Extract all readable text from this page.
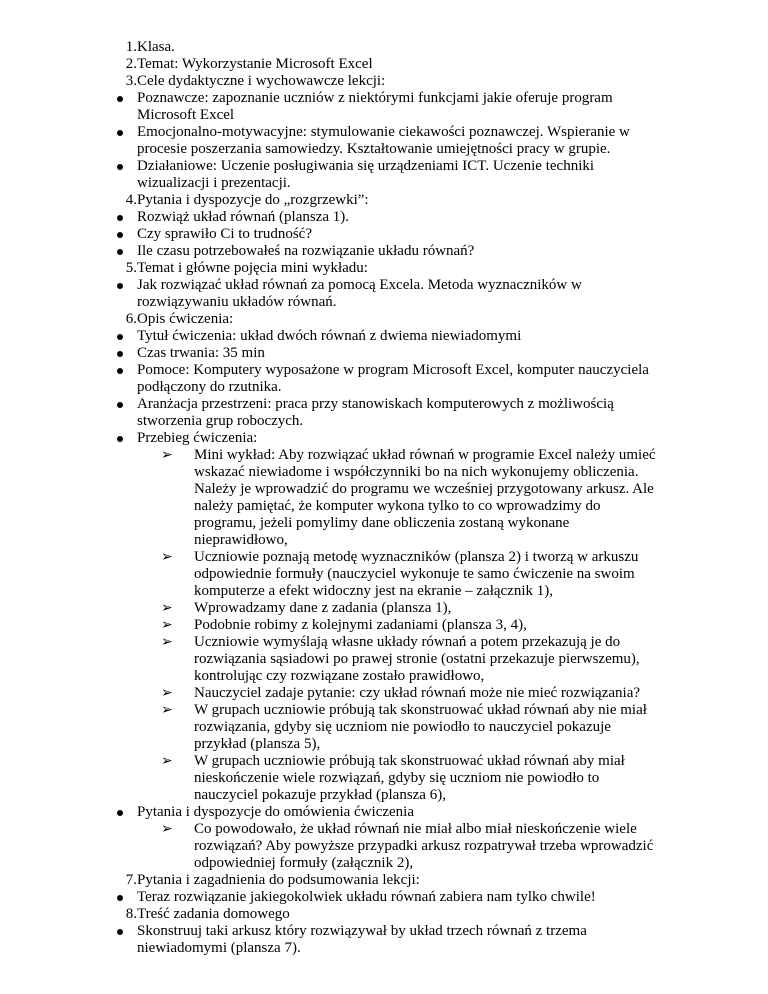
1. Klasa.
2. Temat: Wykorzystanie Microsoft Excel
3. Cele dydaktyczne i wychowawcze lekcji:
Poznawcze: zapoznanie uczniów z niektórymi funkcjami jakie oferuje program
Microsoft Excel
Emocjonalno-motywacyjne: stymulowanie ciekawości poznawczej. Wspieranie w
procesie poszerzania samowiedzy. Kształtowanie umiejętności pracy w grupie.
Działaniowe: Uczenie posługiwania się urządzeniami ICT. Uczenie techniki
wizualizacji i prezentacji.
4. Pytania i dyspozycje do „rozgrzewki”:
Rozwiąż układ równań (plansza 1).
Czy sprawiło Ci to trudność?
Ile czasu potrzebowałeś na rozwiązanie układu równań?
5. Temat i główne pojęcia mini wykładu:
Jak rozwiązać układ równań za pomocą Excela. Metoda wyznaczników w
rozwiązywaniu układów równań.
6. Opis ćwiczenia:
Tytuł ćwiczenia: układ dwóch równań z dwiema niewiadomymi
Czas trwania: 35 min
Pomoce: Komputery wyposażone w program Microsoft Excel, komputer nauczyciela
podłączony do rzutnika.
Aranżacja przestrzeni: praca przy stanowiskach komputerowych z możliwością
stworzenia grup roboczych.
Przebieg ćwiczenia:
➢ Mini wykład: Aby rozwiązać układ równań w programie Excel należy umieć
wskazać niewiadome i współczynniki bo na nich wykonujemy obliczenia.
Należy je wprowadzić do programu we wcześniej przygotowany arkusz. Ale
należy pamiętać, że komputer wykona tylko to co wprowadzimy do
programu, jeżeli pomylimy dane obliczenia zostaną wykonane
nieprawidłowo,
➢ Uczniowie poznają metodę wyznaczników (plansza 2) i tworzą w arkuszu
odpowiednie formuły (nauczyciel wykonuje te samo ćwiczenie na swoim
komputerze a efekt widoczny jest na ekranie – załącznik 1),
➢ Wprowadzamy dane z zadania (plansza 1),
➢ Podobnie robimy z kolejnymi zadaniami (plansza 3, 4),
➢ Uczniowie wymyślają własne układy równań a potem przekazują je do
rozwiązania sąsiadowi po prawej stronie (ostatni przekazuje pierwszemu),
kontrolując czy rozwiązane zostało prawidłowo,
➢ Nauczyciel zadaje pytanie: czy układ równań może nie mieć rozwiązania?
➢ W grupach uczniowie próbują tak skonstruować układ równań aby nie miał
rozwiązania, gdyby się uczniom nie powiodło to nauczyciel pokazuje
przykład (plansza 5),
➢ W grupach uczniowie próbują tak skonstruować układ równań aby miał
nieskończenie wiele rozwiązań, gdyby się uczniom nie powiodło to
nauczyciel pokazuje przykład (plansza 6),
Pytania i dyspozycje do omówienia ćwiczenia
➢ Co powodowało, że układ równań nie miał albo miał nieskończenie wiele
rozwiązań? Aby powyższe przypadki arkusz rozpatrywał trzeba wprowadzić
odpowiedniej formuły (załącznik 2),
7. Pytania i zagadnienia do podsumowania lekcji:
Teraz rozwiązanie jakiegokolwiek układu równań zabiera nam tylko chwile!
8. Treść zadania domowego
Skonstruuj taki arkusz który rozwiązywał by układ trzech równań z trzema
niewiadomymi (plansza 7).
